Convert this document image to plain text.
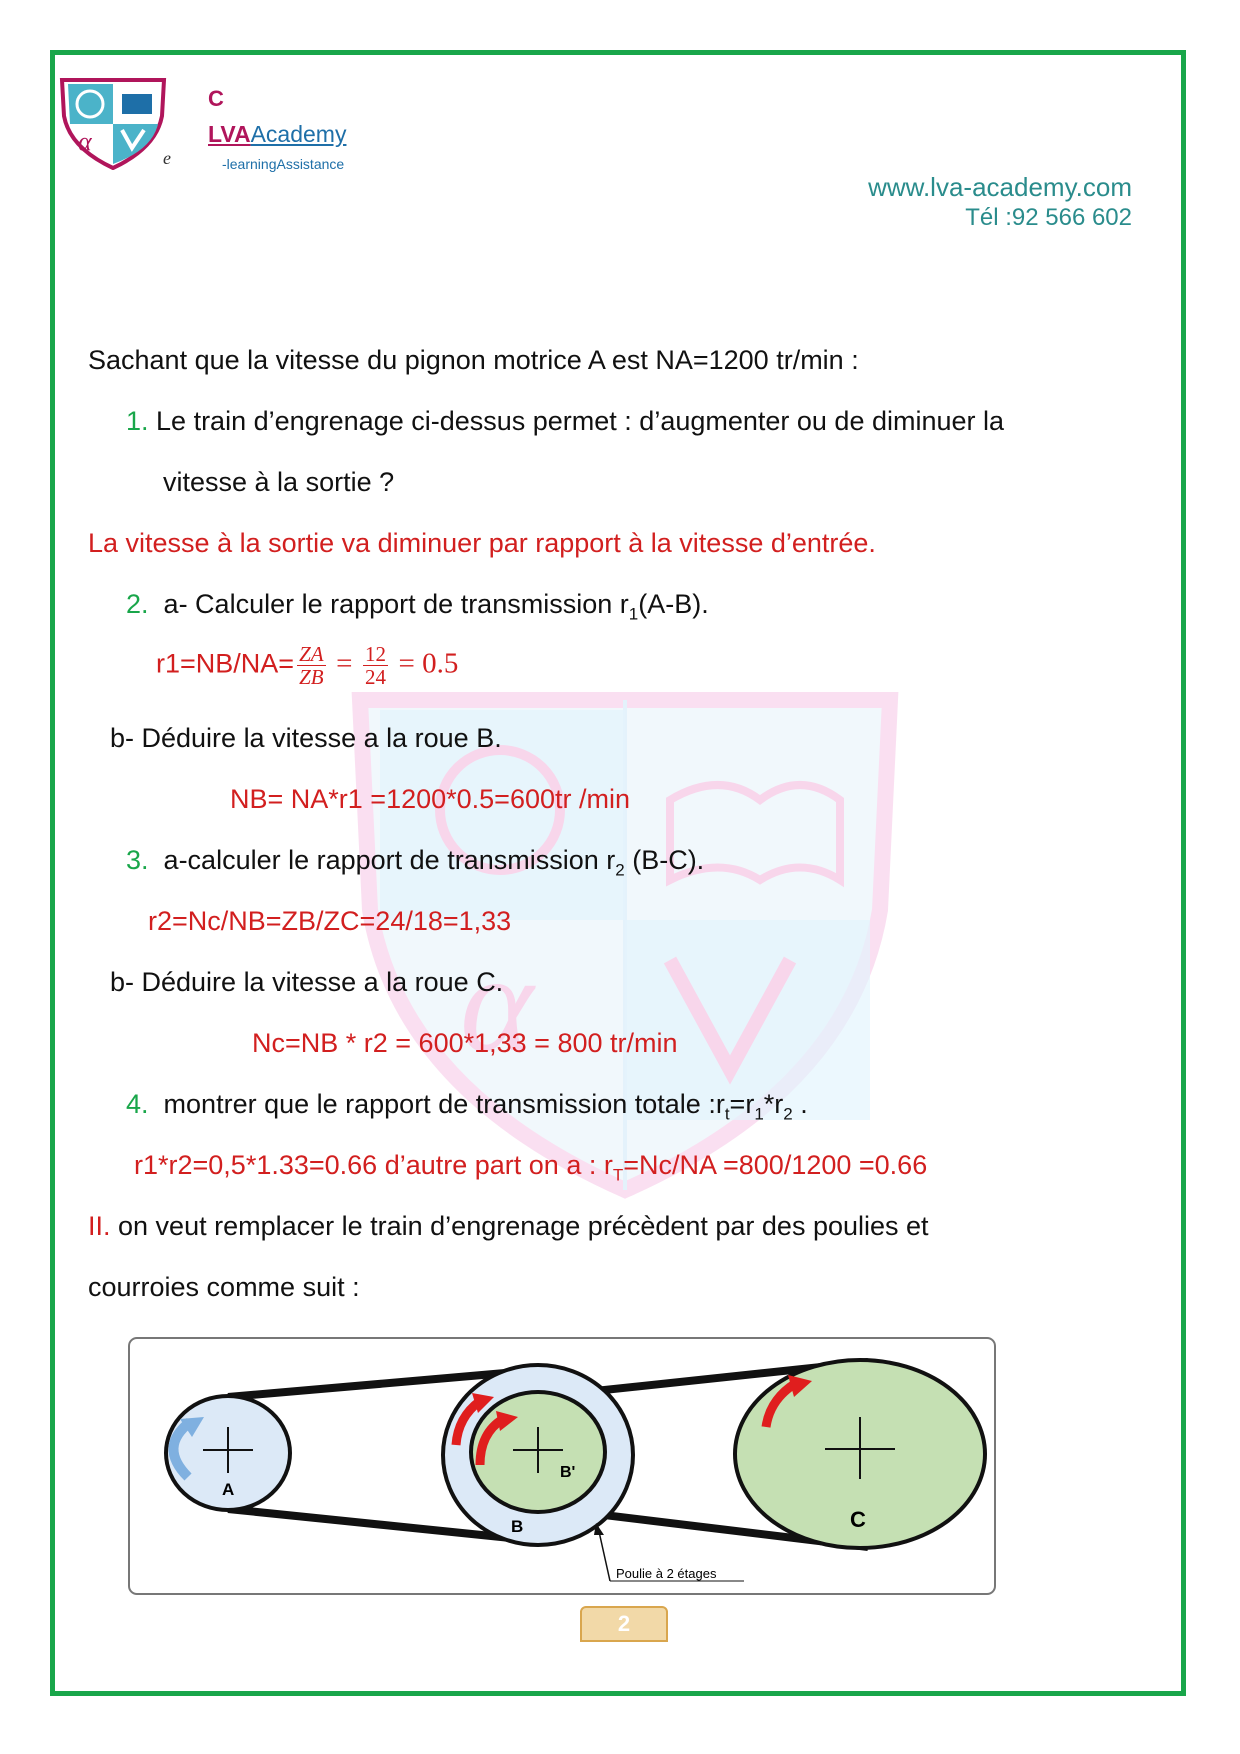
α
α
C
LVAAcademy
e	-learningAssistance
www.lva-academy.com
Tél :92 566 602
Sachant que la vitesse du pignon motrice A est NA=1200 tr/min :
1. Le train d’engrenage ci-dessus permet : d’augmenter ou de diminuer la
vitesse à la sortie ?
La vitesse à la sortie va diminuer par rapport à la vitesse d’entrée.
2. a- Calculer le rapport de transmission $r_1(A-B)$.
$r1=NB/NA= \frac{ZA}{ZB} = \frac{12}{24} = 0.5$
b- Déduire la vitesse a la roue B.
NB= NA*r1 =1200*0.5=600tr /min
3. a-calculer le rapport de transmission $r_2$ (B-C).
r2=Nc/NB=ZB/ZC=24/18=1,33
b- Déduire la vitesse a la roue C.
Nc=NB * r2 = 600*1,33 = 800 tr/min
4. montrer que le rapport de transmission totale $:r_t=r_1*r_2$ .
r1*r2=0,5*1.33=0.66 d’autre part on a : $r_T=Nc/NA =800/1200 =0.66$
II. on veut remplacer le train d’engrenage précèdent par des poulies et
courroies comme suit :
A
B'
B	C
Poulie à 2 étages
2
